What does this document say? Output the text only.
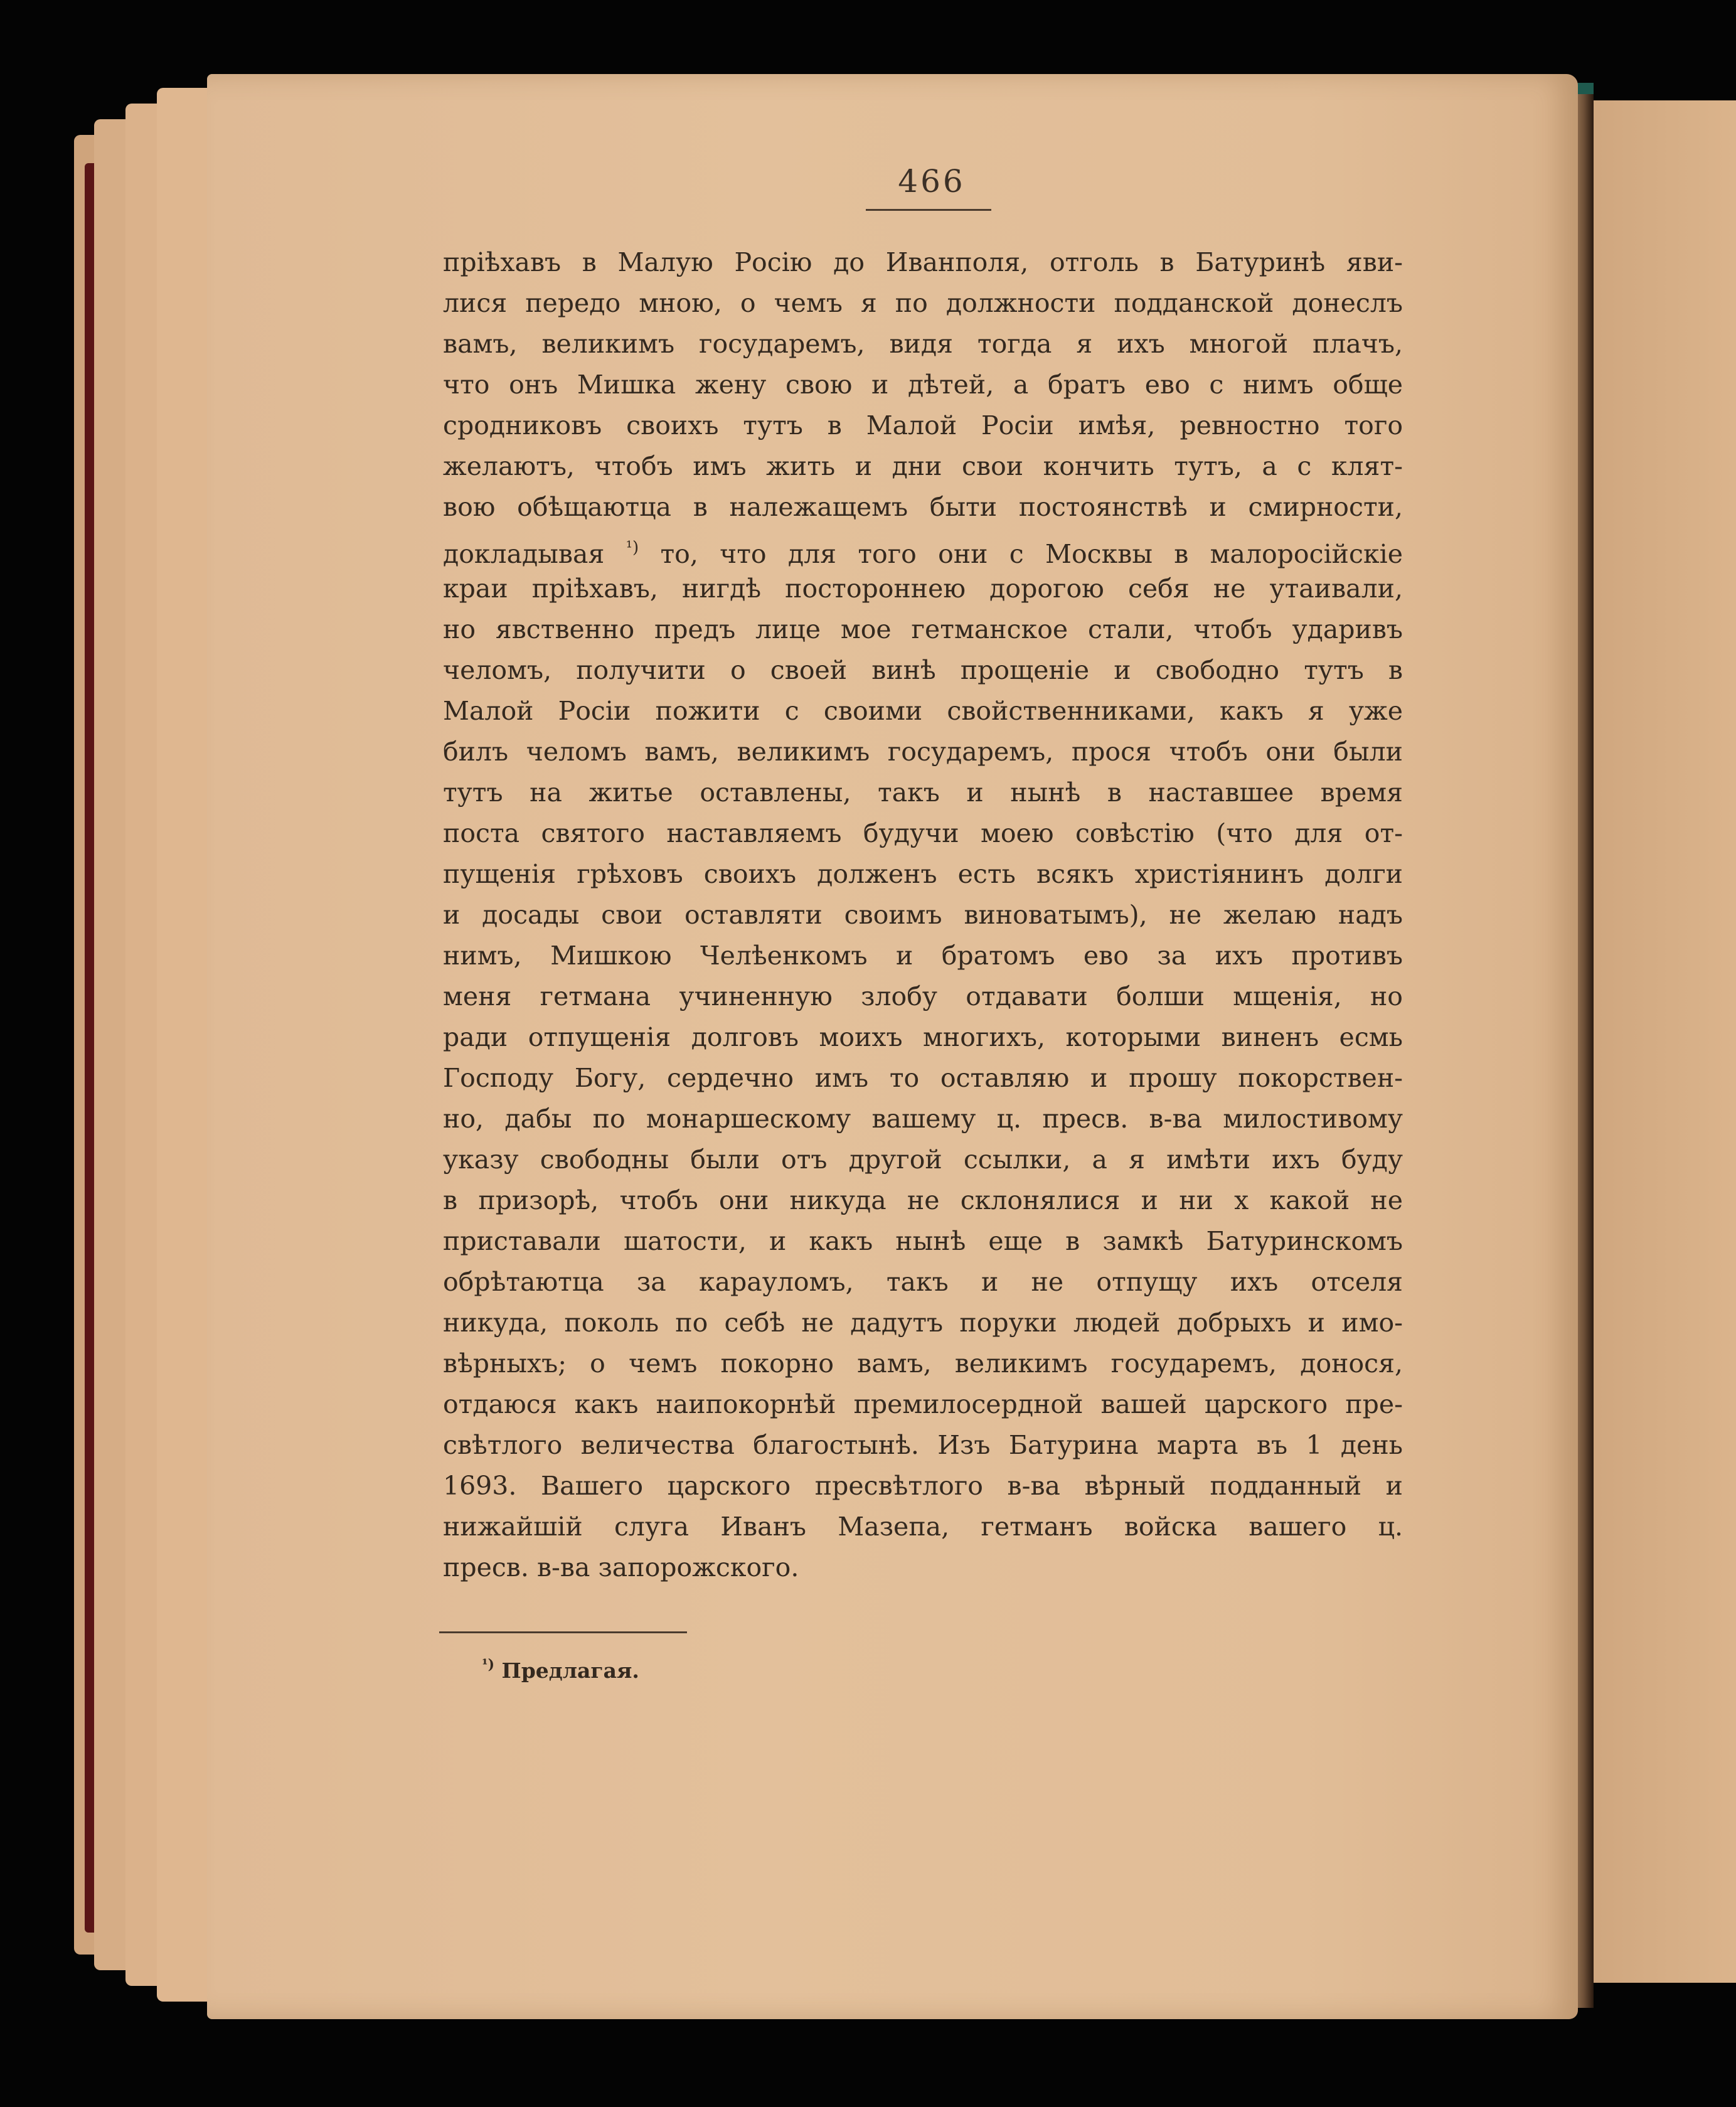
466
пріѣхавъ в Малую Росію до Иванполя, отголь в Батуринѣ яви-
лися передо мною, о чемъ я по должности подданской донеслъ
вамъ, великимъ государемъ, видя тогда я ихъ многой плачъ,
что онъ Мишка жену свою и дѣтей, а братъ ево с нимъ обще
сродниковъ своихъ тутъ в Малой Росіи имѣя, ревностно того
желаютъ, чтобъ имъ жить и дни свои кончить тутъ, а с клят-
вою обѣщаютца в належащемъ быти постоянствѣ и смирности,
докладывая $^{^1)}$ то, что для того они с Москвы в малоросійскіе
краи пріѣхавъ, нигдѣ постороннею дорогою себя не утаивали,
но явственно предъ лице мое гетманское стали, чтобъ ударивъ
челомъ, получити о своей винѣ прощеніе и свободно тутъ в
Малой Росіи пожити с своими свойственниками, какъ я уже
билъ челомъ вамъ, великимъ государемъ, прося чтобъ они были
тутъ на житье оставлены, такъ и нынѣ в наставшее время
поста святого наставляемъ будучи моею совѣстію (что для от-
пущенія грѣховъ своихъ долженъ есть всякъ христіянинъ долги
и досады свои оставляти своимъ виноватымъ), не желаю надъ
нимъ, Мишкою Челѣенкомъ и братомъ ево за ихъ противъ
меня гетмана учиненную злобу отдавати болши мщенія, но
ради отпущенія долговъ моихъ многихъ, которыми виненъ есмь
Господу Богу, сердечно имъ то оставляю и прошу покорствен-
но, дабы по монаршескому вашему ц. пресв. в-ва милостивому
указу свободны были отъ другой ссылки, а я имѣти ихъ буду
в призорѣ, чтобъ они никуда не склонялися и ни х какой не
приставали шатости, и какъ нынѣ еще в замкѣ Батуринскомъ
обрѣтаютца за карауломъ, такъ и не отпущу ихъ отселя
никуда, поколь по себѣ не дадутъ поруки людей добрыхъ и имо-
вѣрныхъ; о чемъ покорно вамъ, великимъ государемъ, донося,
отдаюся какъ наипокорнѣй премилосердной вашей царского пре-
свѣтлого величества благостынѣ. Изъ Батурина марта въ 1 день
1693. Вашего царского пресвѣтлого в-ва вѣрный подданный и
нижайшій слуга Иванъ Мазепа, гетманъ войска вашего ц.
пресв. в-ва запорожского.
$^{^1)}$ Предлагая.
